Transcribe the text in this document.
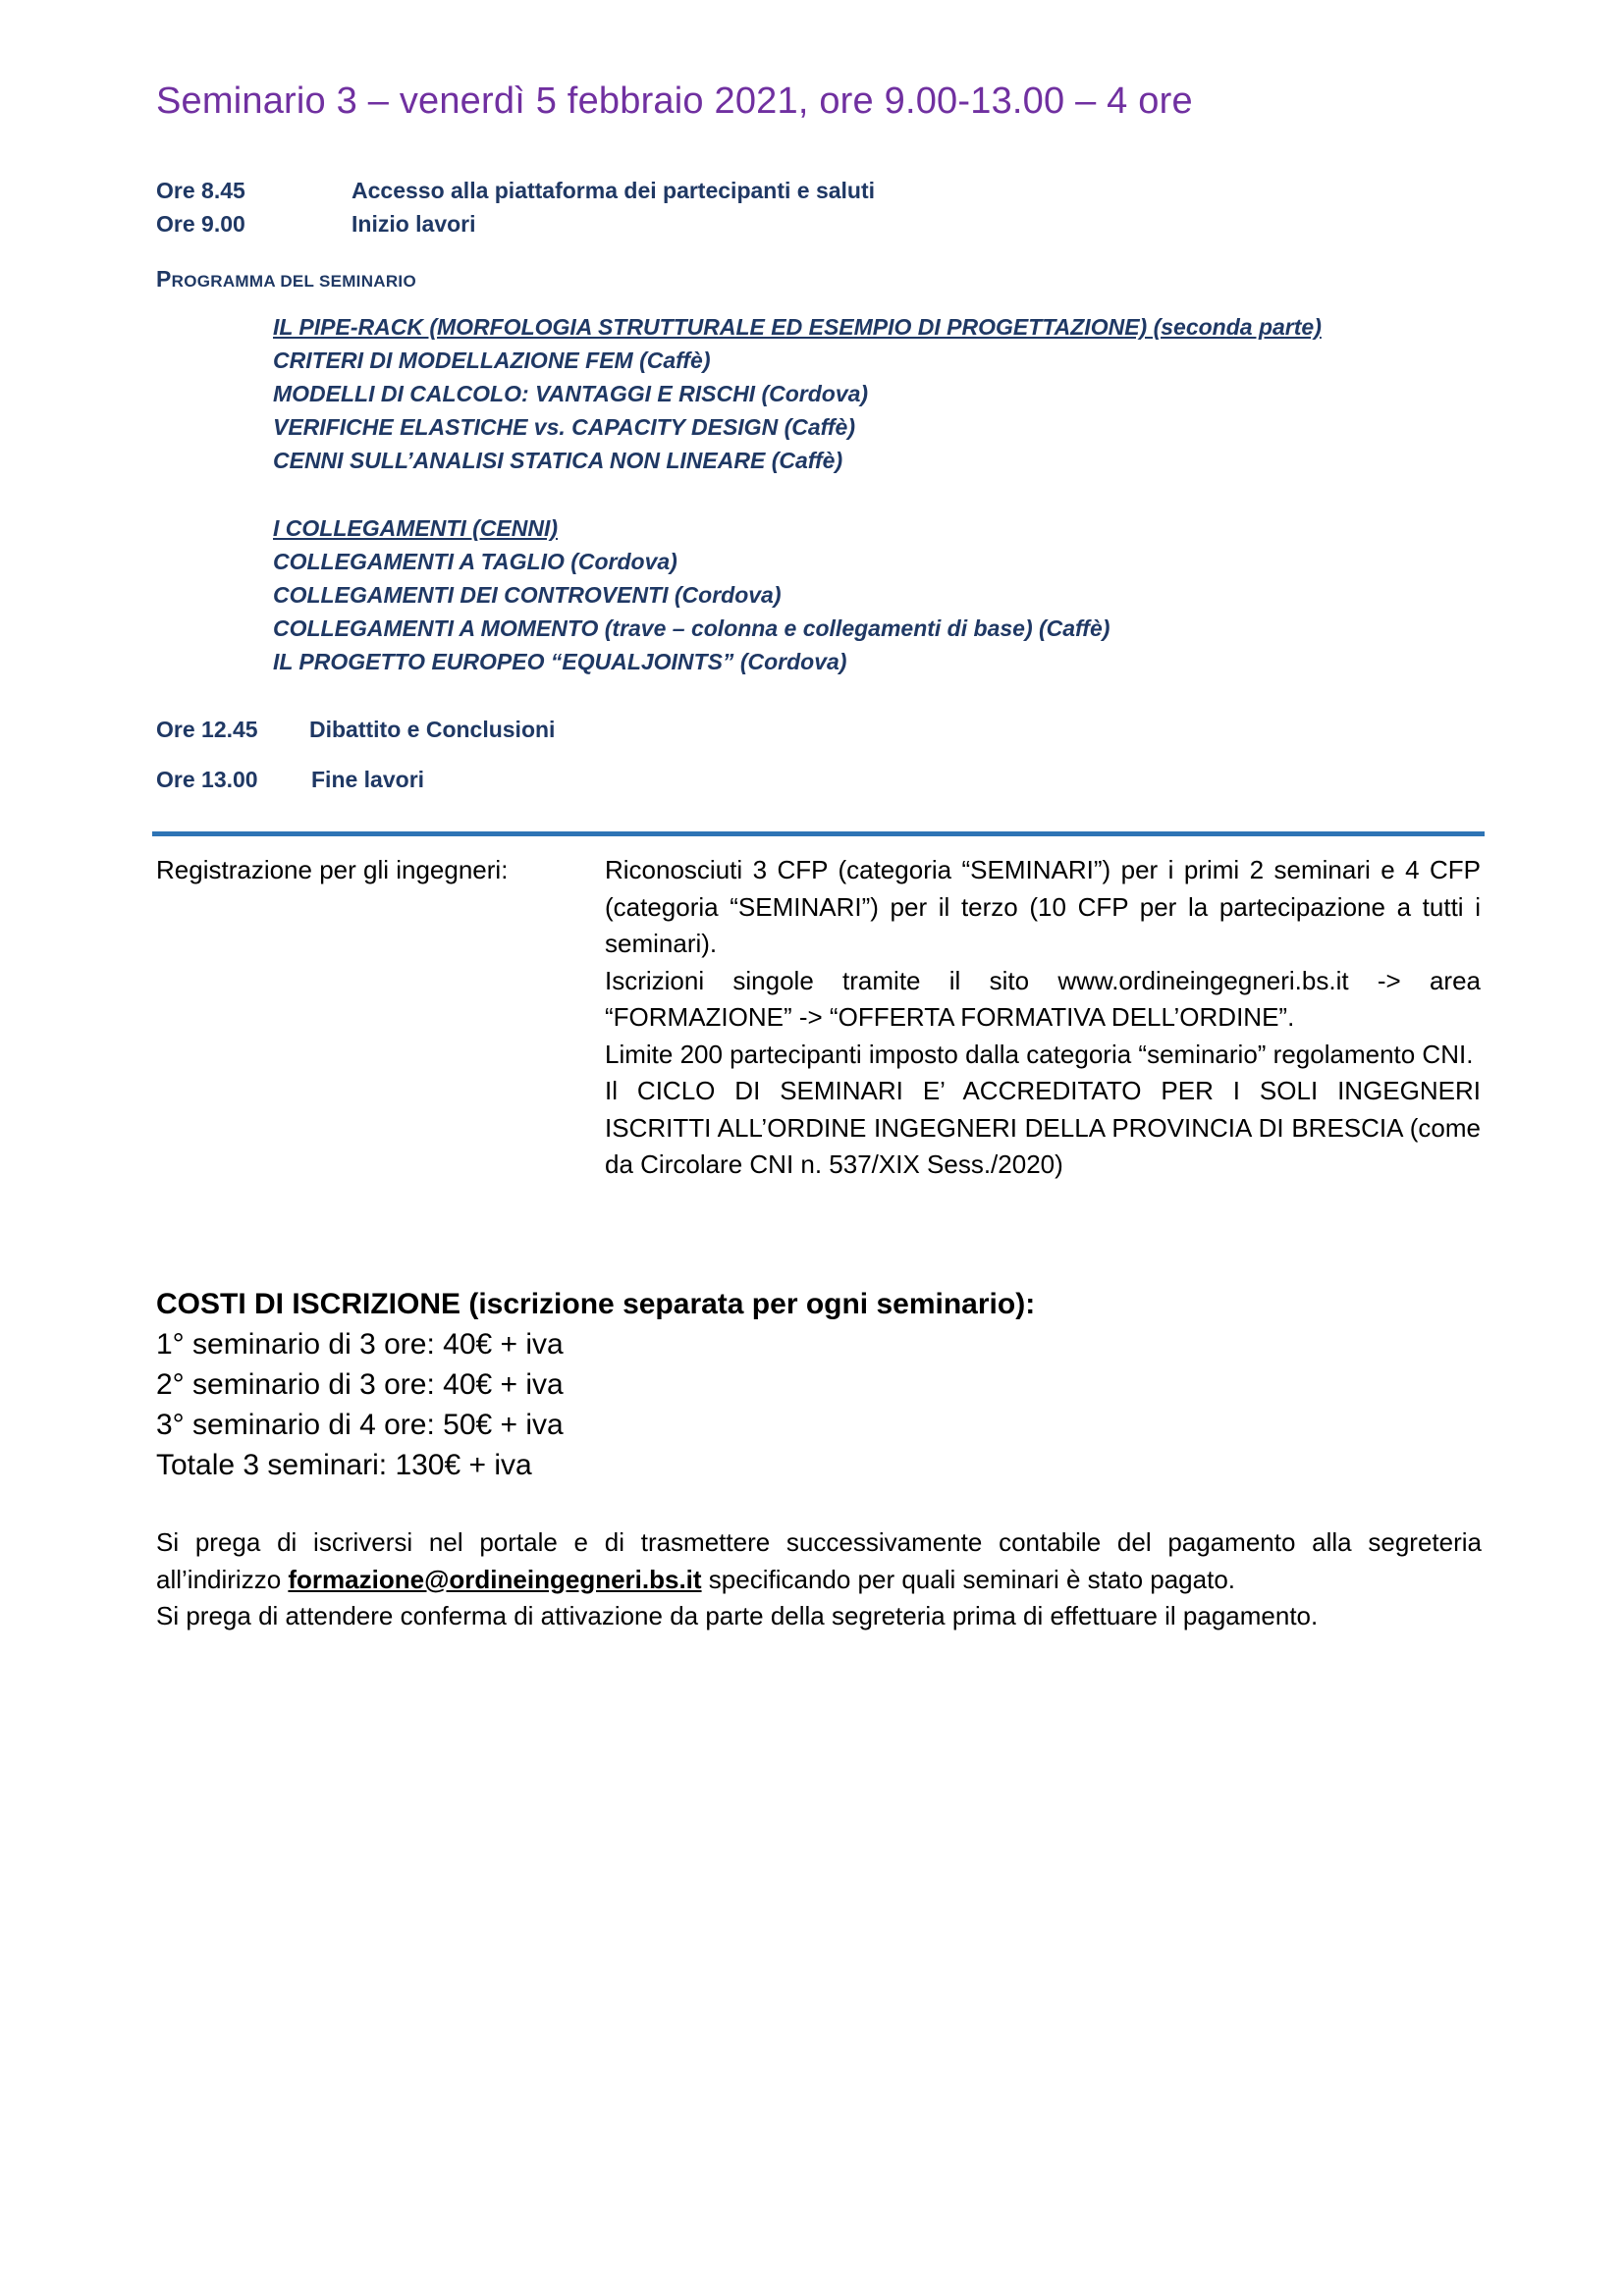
Seminario 3 – venerdì 5 febbraio 2021, ore 9.00-13.00 – 4 ore
Ore 8.45	Accesso alla piattaforma dei partecipanti e saluti
Ore 9.00	Inizio lavori
PROGRAMMA DEL SEMINARIO
IL PIPE-RACK (MORFOLOGIA STRUTTURALE ED ESEMPIO DI PROGETTAZIONE) (seconda parte)
CRITERI DI MODELLAZIONE FEM (Caffè)
MODELLI DI CALCOLO: VANTAGGI E RISCHI (Cordova)
VERIFICHE ELASTICHE vs. CAPACITY DESIGN (Caffè)
CENNI SULL’ANALISI STATICA NON LINEARE (Caffè)
I COLLEGAMENTI (CENNI)
COLLEGAMENTI A TAGLIO (Cordova)
COLLEGAMENTI DEI CONTROVENTI (Cordova)
COLLEGAMENTI A MOMENTO (trave – colonna e collegamenti di base) (Caffè)
IL PROGETTO EUROPEO “EQUALJOINTS” (Cordova)
Ore 12.45 Dibattito e Conclusioni
Ore 13.00 Fine lavori
Registrazione per gli ingegneri:	Riconosciuti 3 CFP (categoria “SEMINARI”) per i primi 2 seminari e 4 CFP (categoria “SEMINARI”) per il terzo (10 CFP per la partecipazione a tutti i seminari).

Iscrizioni singole tramite il sito www.ordineingegneri.bs.it -> area “FORMAZIONE” -> “OFFERTA FORMATIVA DELL’ORDINE”.

Limite 200 partecipanti imposto dalla categoria “seminario” regolamento CNI.

Il CICLO DI SEMINARI E’ ACCREDITATO PER I SOLI INGEGNERI ISCRITTI ALL’ORDINE INGEGNERI DELLA PROVINCIA DI BRESCIA (come da Circolare CNI n. 537/XIX Sess./2020)

COSTI DI ISCRIZIONE (iscrizione separata per ogni seminario):
1° seminario di 3 ore: 40€ + iva
2° seminario di 3 ore: 40€ + iva
3° seminario di 4 ore: 50€ + iva
Totale 3 seminari: 130€ + iva

Si prega di iscriversi nel portale e di trasmettere successivamente contabile del pagamento alla segreteria all’indirizzo formazione@ordineingegneri.bs.it specificando per quali seminari è stato pagato.

Si prega di attendere conferma di attivazione da parte della segreteria prima di effettuare il pagamento.
